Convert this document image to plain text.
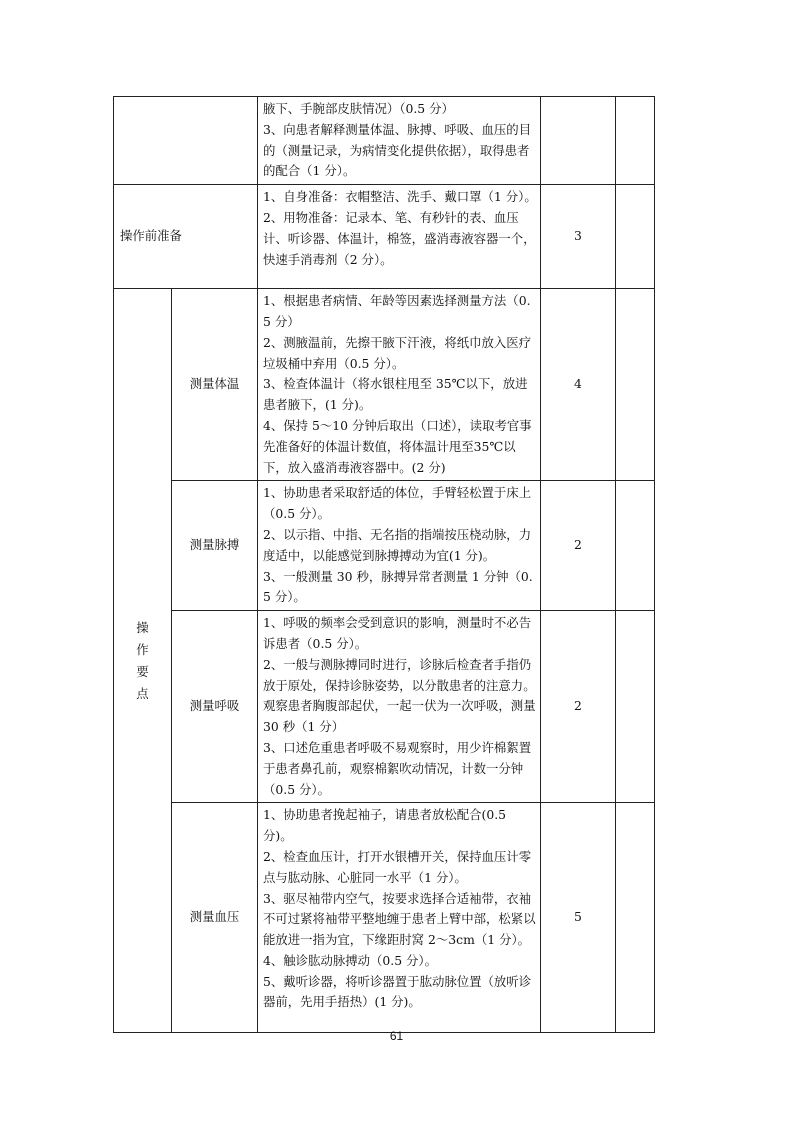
		腋下、手腕部皮肤情况）（0.5 分）
3、向患者解释测量体温、脉搏、呼吸、血压的目的（测量记录，为病情变化提供依据），取得患者的配合（1 分）。		

操作前准备		1、自身准备：衣帽整洁、洗手、戴口罩（1 分）。
2、用物准备：记录本、笔、有秒针的表、血压计、听诊器、体温计，棉签，盛消毒液容器一个，快速手消毒剂（2 分）。	3	

操作要点	测量体温	1、根据患者病情、年龄等因素选择测量方法（0.5 分）
2、测腋温前，先擦干腋下汗液，将纸巾放入医疗垃圾桶中弃用（0.5 分）。
3、检查体温计（将水银柱甩至 35℃以下，放进患者腋下，(1 分)。
4、保持 5～10 分钟后取出（口述），读取考官事先准备好的体温计数值，将体温计甩至35℃以下，放入盛消毒液容器中。(2 分)	4	
	测量脉搏	1、协助患者采取舒适的体位，手臂轻松置于床上（0.5 分）。
2、以示指、中指、无名指的指端按压桡动脉，力度适中，以能感觉到脉搏搏动为宜(1 分)。
3、一般测量 30 秒，脉搏异常者测量 1 分钟（0.5 分）。	2	
	测量呼吸	1、呼吸的频率会受到意识的影响，测量时不必告诉患者（0.5 分）。
2、一般与测脉搏同时进行，诊脉后检查者手指仍放于原处，保持诊脉姿势，以分散患者的注意力。观察患者胸腹部起伏，一起一伏为一次呼吸，测量 30 秒（1 分）
3、口述危重患者呼吸不易观察时，用少许棉絮置于患者鼻孔前，观察棉絮吹动情况，计数一分钟（0.5 分）。	2	
	测量血压	1、协助患者挽起袖子，请患者放松配合(0.5 分)。
2、检查血压计，打开水银槽开关，保持血压计零点与肱动脉、心脏同一水平（1 分）。
3、驱尽袖带内空气，按要求选择合适袖带，衣袖不可过紧将袖带平整地缠于患者上臂中部，松紧以能放进一指为宜，下缘距肘窝 2～3cm（1 分）。
4、触诊肱动脉搏动（0.5 分）。
5、戴听诊器，将听诊器置于肱动脉位置（放听诊器前，先用手捂热）(1 分)。	5	
61
